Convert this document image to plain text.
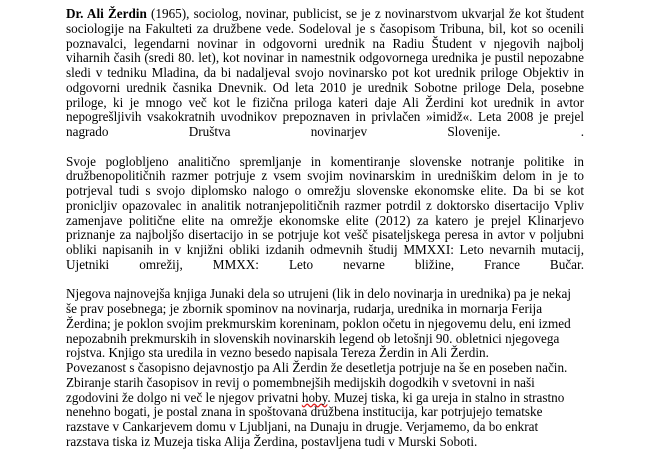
Dr. Ali Žerdin (1965), sociolog, novinar, publicist, se je z novinarstvom ukvarjal že kot študent sociologije na Fakulteti za družbene vede. Sodeloval je s časopisom Tribuna, bil, kot so ocenili poznavalci, legendarni novinar in odgovorni urednik na Radiu Študent v njegovih najbolj viharnih časih (sredi 80. let), kot novinar in namestnik odgovornega urednika je pustil nepozabne sledi v tedniku Mladina, da bi nadaljeval svojo novinarsko pot kot urednik priloge Objektiv in odgovorni urednik časnika Dnevnik. Od leta 2010 je urednik Sobotne priloge Dela, posebne priloge, ki je mnogo več kot le fizična priloga kateri daje Ali Žerdini kot urednik in avtor nepogrešljivih vsakokratnih uvodnikov prepoznaven in privlačen »imidž«. Leta 2008 je prejel nagrado Društva novinarjev Slovenije. .

Svoje poglobljeno analitično spremljanje in komentiranje slovenske notranje politike in družbenopolitičnih razmer potrjuje z vsem svojim novinarskim in uredniškim delom in je to potrjeval tudi s svojo diplomsko nalogo o omrežju slovenske ekonomske elite. Da bi se kot pronicljiv opazovalec in analitik notranjepolitičnih razmer potrdil z doktorsko disertacijo Vpliv zamenjave politične elite na omrežje ekonomske elite (2012) za katero je prejel Klinarjevo priznanje za najboljšo disertacijo in se potrjuje kot vešč pisateljskega peresa in avtor v poljubni obliki napisanih in v knjižni obliki izdanih odmevnih študij MMXXI: Leto nevarnih mutacij, Ujetniki omrežij, MMXX: Leto nevarne bližine, France Bučar.

Njegova najnovejša knjiga Junaki dela so utrujeni (lik in delo novinarja in urednika) pa je nekaj še prav posebnega; je zbornik spominov na novinarja, rudarja, urednika in mornarja Ferija Žerdina; je poklon svojim prekmurskim koreninam, poklon očetu in njegovemu delu, eni izmed nepozabnih prekmurskih in slovenskih novinarskih legend ob letošnji 90. obletnici njegovega rojstva. Knjigo sta uredila in vezno besedo napisala Tereza Žerdin in Ali Žerdin.

Povezanost s časopisno dejavnostjo pa Ali Žerdin že desetletja potrjuje na še en poseben način. Zbiranje starih časopisov in revij o pomembnejših medijskih dogodkih v svetovni in naši zgodovini že dolgo ni več le njegov privatni hoby. Muzej tiska, ki ga ureja in stalno in strastno nenehno bogati, je postal znana in spoštovana družbena institucija, kar potrjujejo tematske razstave v Cankarjevem domu v Ljubljani, na Dunaju in drugje. Verjamemo, da bo enkrat razstava tiska iz Muzeja tiska Alija Žerdina, postavljena tudi v Murski Soboti.
